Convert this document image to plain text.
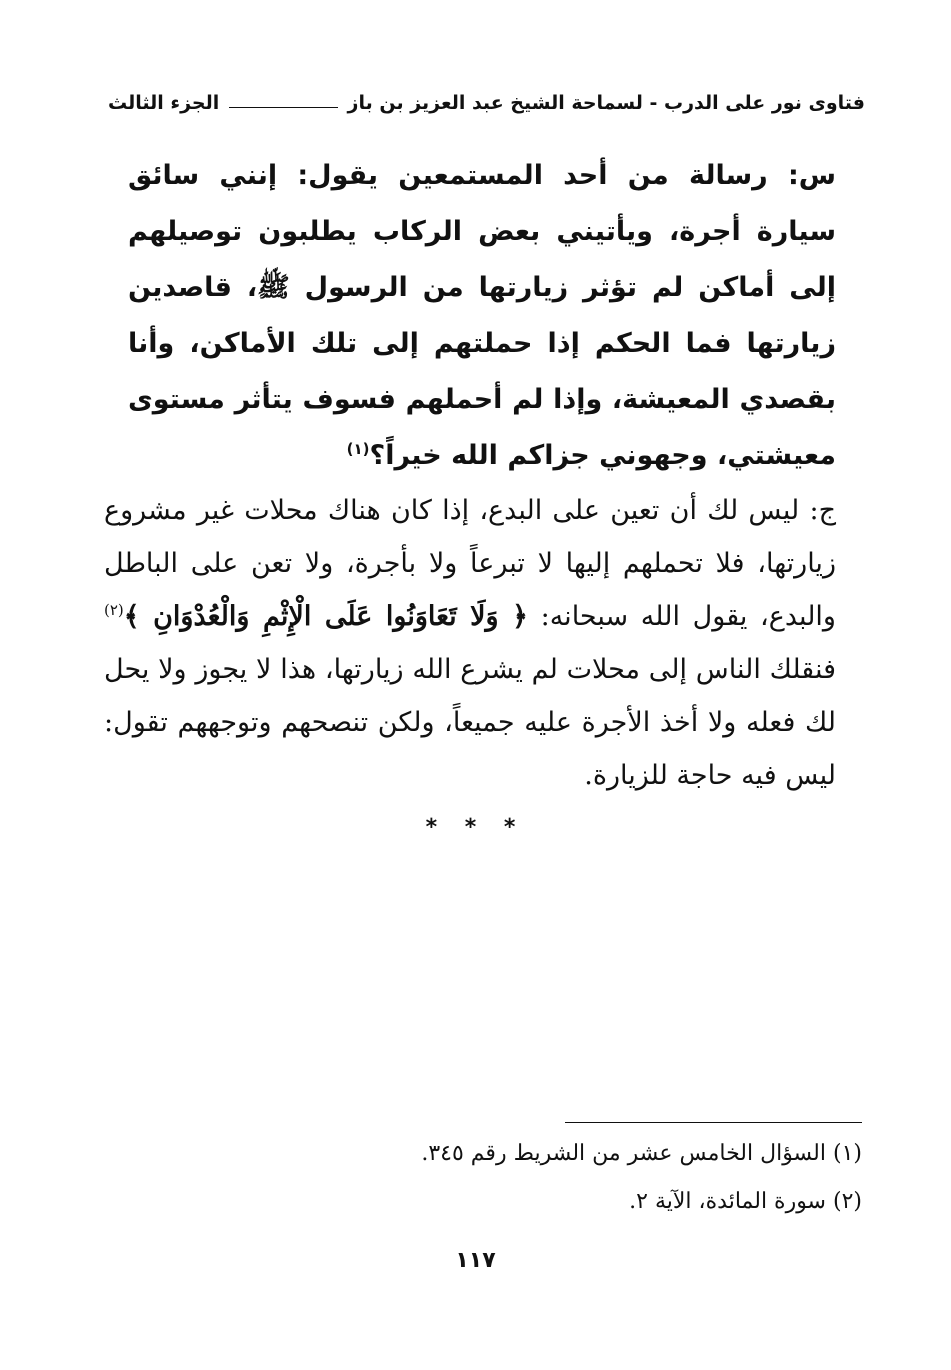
فتاوى نور على الدرب - لسماحة الشيخ عبد العزيز بن باز
الجزء الثالث
س: رسالة من أحد المستمعين يقول: إنني سائق سيارة أجرة، ويأتيني بعض الركاب يطلبون توصيلهم إلى أماكن لم تؤثر زيارتها من الرسول ﷺ، قاصدين زيارتها فما الحكم إذا حملتهم إلى تلك الأماكن، وأنا بقصدي المعيشة، وإذا لم أحملهم فسوف يتأثر مستوى معيشتي، وجهوني جزاكم الله خيراً؟$^{(١)}$
ج: ليس لك أن تعين على البدع، إذا كان هناك محلات غير مشروع زيارتها، فلا تحملهم إليها لا تبرعاً ولا بأجرة، ولا تعن على الباطل والبدع، يقول الله سبحانه: ﴿ وَلَا تَعَاوَنُوا عَلَى الْإِثْمِ وَالْعُدْوَانِ ﴾$^{(٢)}$ فنقلك الناس إلى محلات لم يشرع الله زيارتها، هذا لا يجوز ولا يحل لك فعله ولا أخذ الأجرة عليه جميعاً، ولكن تنصحهم وتوجههم تقول: ليس فيه حاجة للزيارة.
* * *
(١) السؤال الخامس عشر من الشريط رقم ٣٤٥.
(٢) سورة المائدة، الآية ٢.
١١٧
